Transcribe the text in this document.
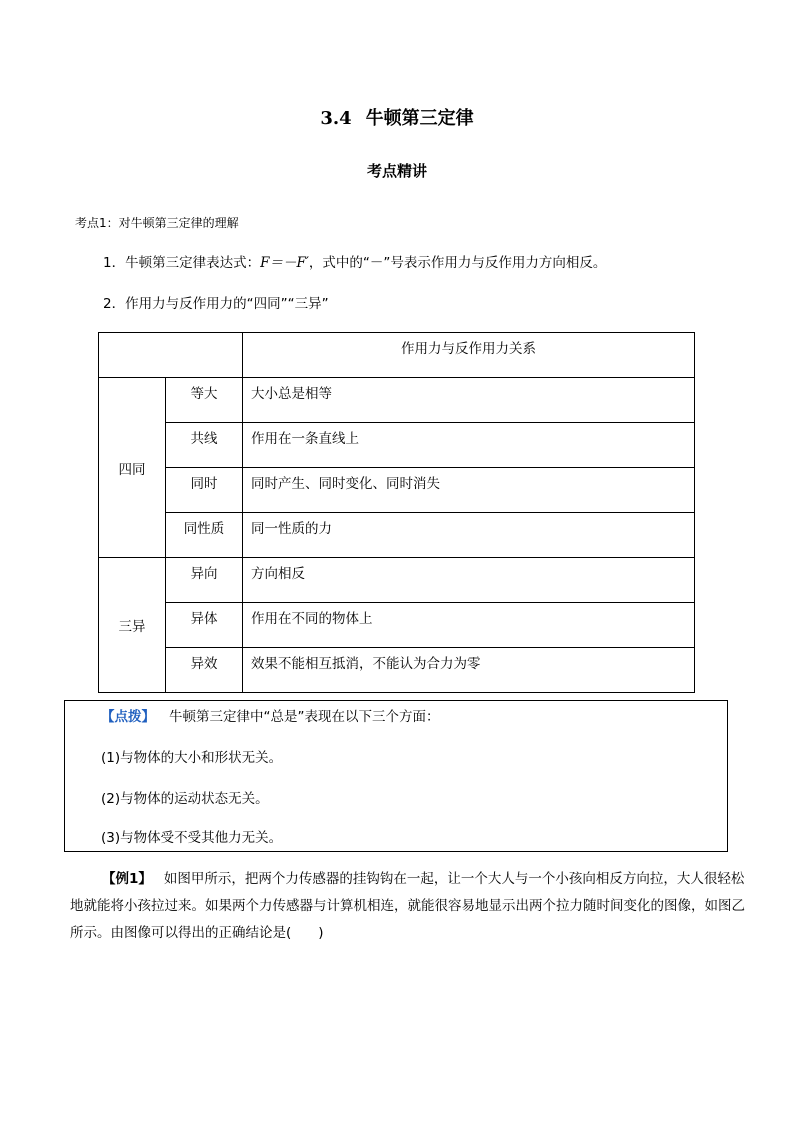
3.4 牛顿第三定律
考点精讲
考点1：对牛顿第三定律的理解
1．牛顿第三定律表达式：F＝－F′，式中的“－”号表示作用力与反作用力方向相反。
2．作用力与反作用力的“四同”“三异”
		作用力与反作用力关系
四同	等大	大小总是相等
	共线	作用在一条直线上
	同时	同时产生、同时变化、同时消失
	同性质	同一性质的力
三异	异向	方向相反
	异体	作用在不同的物体上
	异效	效果不能相互抵消，不能认为合力为零
【点拨】 牛顿第三定律中“总是”表现在以下三个方面：
(1)与物体的大小和形状无关。
(2)与物体的运动状态无关。
(3)与物体受不受其他力无关。
【例1】 如图甲所示，把两个力传感器的挂钩钩在一起，让一个大人与一个小孩向相反方向拉，大人很轻松地就能将小孩拉过来。如果两个力传感器与计算机相连，就能很容易地显示出两个拉力随时间变化的图像，如图乙所示。由图像可以得出的正确结论是(　　)
